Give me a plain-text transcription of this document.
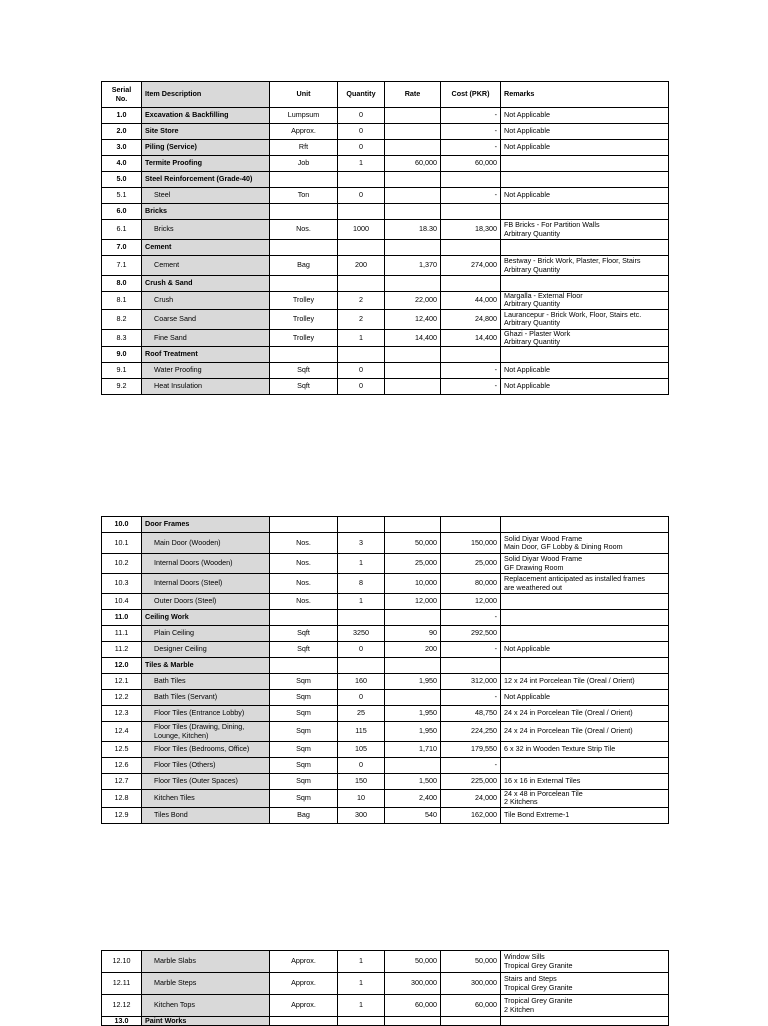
Serial No.	Item Description	Unit	Quantity	Rate	Cost (PKR)	Remarks
1.0	Excavation & Backfilling	Lumpsum	0		-	Not Applicable

2.0	Site Store	Approx.	0		-	Not Applicable

3.0	Piling (Service)	Rft	0		-	Not Applicable

4.0	Termite Proofing	Job	1	60,000	60,000	
5.0	Steel Reinforcement (Grade-40)					
5.1	Steel	Ton	0		-	Not Applicable

6.0	Bricks					
6.1	Bricks	Nos.	1000	18.30	18,300	FB Bricks - For Partition Walls
Arbitrary Quantity

7.0	Cement					
7.1	Cement	Bag	200	1,370	274,000	Bestway - Brick Work, Plaster, Floor, Stairs
Arbitrary Quantity

8.0	Crush & Sand					
8.1	Crush	Trolley	2	22,000	44,000	Margalla - External Floor
Arbitrary Quantity

8.2	Coarse Sand	Trolley	2	12,400	24,800	Laurancepur - Brick Work, Floor, Stairs etc.
Arbitrary Quantity

8.3	Fine Sand	Trolley	1	14,400	14,400	Ghazi - Plaster Work
Arbitrary Quantity

9.0	Roof Treatment					
9.1	Water Proofing	Sqft	0		-	Not Applicable

9.2	Heat Insulation	Sqft	0		-	Not Applicable
10.0	Door Frames					
10.1	Main Door (Wooden)	Nos.	3	50,000	150,000	Solid Diyar Wood Frame
Main Door, GF Lobby & Dining Room

10.2	Internal Doors (Wooden)	Nos.	1	25,000	25,000	Solid Diyar Wood Frame
GF Drawing Room

10.3	Internal Doors (Steel)	Nos.	8	10,000	80,000	Replacement anticipated as installed frames
are weathered out

10.4	Outer Doors (Steel)	Nos.	1	12,000	12,000	
11.0	Ceiling Work				-	
11.1	Plain Ceiling	Sqft	3250	90	292,500	
11.2	Designer Ceiling	Sqft	0	200	-	Not Applicable

12.0	Tiles & Marble					
12.1	Bath Tiles	Sqm	160	1,950	312,000	12 x 24 int Porcelean Tile (Oreal / Orient)

12.2	Bath Tiles (Servant)	Sqm	0		-	Not Applicable

12.3	Floor Tiles (Entrance Lobby)	Sqm	25	1,950	48,750	24 x 24 in Porcelean Tile (Oreal / Orient)

12.4	Floor Tiles (Drawing, Dining, Lounge, Kitchen)	Sqm	115	1,950	224,250	24 x 24 in Porcelean Tile (Oreal / Orient)

12.5	Floor Tiles (Bedrooms, Office)	Sqm	105	1,710	179,550	6 x 32 in Wooden Texture Strip Tile

12.6	Floor Tiles (Others)	Sqm	0		-	
12.7	Floor Tiles (Outer Spaces)	Sqm	150	1,500	225,000	16 x 16 in External Tiles

12.8	Kitchen Tiles	Sqm	10	2,400	24,000	24 x 48 in Porcelean Tile
2 Kitchens

12.9	Tiles Bond	Bag	300	540	162,000	Tile Bond Extreme-1
12.10	Marble Slabs	Approx.	1	50,000	50,000	Window Sills
Tropical Grey Granite

12.11	Marble Steps	Approx.	1	300,000	300,000	Stairs and Steps
Tropical Grey Granite

12.12	Kitchen Tops	Approx.	1	60,000	60,000	Tropical Grey Granite
2 Kitchen

13.0	Paint Works					
